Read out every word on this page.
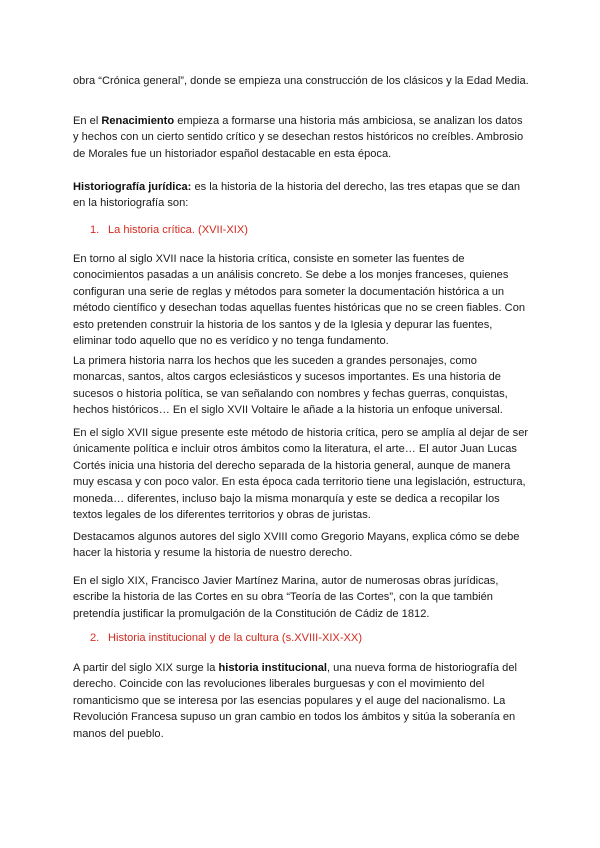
obra “Crónica general”, donde se empieza una construcción de los clásicos y la Edad Media.

En el Renacimiento empieza a formarse una historia más ambiciosa, se analizan los datos y hechos con un cierto sentido crítico y se desechan restos históricos no creíbles. Ambrosio de Morales fue un historiador español destacable en esta época.

Historiografía jurídica: es la historia de la historia del derecho, las tres etapas que se dan en la historiografía son:

1. La historia crítica. (XVII-XIX)

En torno al siglo XVII nace la historia crítica, consiste en someter las fuentes de conocimientos pasadas a un análisis concreto. Se debe a los monjes franceses, quienes configuran una serie de reglas y métodos para someter la documentación histórica a un método científico y desechan todas aquellas fuentes históricas que no se creen fiables. Con esto pretenden construir la historia de los santos y de la Iglesia y depurar las fuentes, eliminar todo aquello que no es verídico y no tenga fundamento.

La primera historia narra los hechos que les suceden a grandes personajes, como monarcas, santos, altos cargos eclesiásticos y sucesos importantes. Es una historia de sucesos o historia política, se van señalando con nombres y fechas guerras, conquistas, hechos históricos… En el siglo XVII Voltaire le añade a la historia un enfoque universal.

En el siglo XVII sigue presente este método de historia crítica, pero se amplía al dejar de ser únicamente política e incluir otros ámbitos como la literatura, el arte… El autor Juan Lucas Cortés inicia una historia del derecho separada de la historia general, aunque de manera muy escasa y con poco valor. En esta época cada territorio tiene una legislación, estructura, moneda… diferentes, incluso bajo la misma monarquía y este se dedica a recopilar los textos legales de los diferentes territorios y obras de juristas.

Destacamos algunos autores del siglo XVIII como Gregorio Mayans, explica cómo se debe hacer la historia y resume la historia de nuestro derecho.

En el siglo XIX, Francisco Javier Martínez Marina, autor de numerosas obras jurídicas, escribe la historia de las Cortes en su obra “Teoría de las Cortes”, con la que también pretendía justificar la promulgación de la Constitución de Cádiz de 1812.

2. Historia institucional y de la cultura (s.XVIII-XIX-XX)

A partir del siglo XIX surge la historia institucional, una nueva forma de historiografía del derecho. Coincide con las revoluciones liberales burguesas y con el movimiento del romanticismo que se interesa por las esencias populares y el auge del nacionalismo. La Revolución Francesa supuso un gran cambio en todos los ámbitos y sitúa la soberanía en manos del pueblo.
